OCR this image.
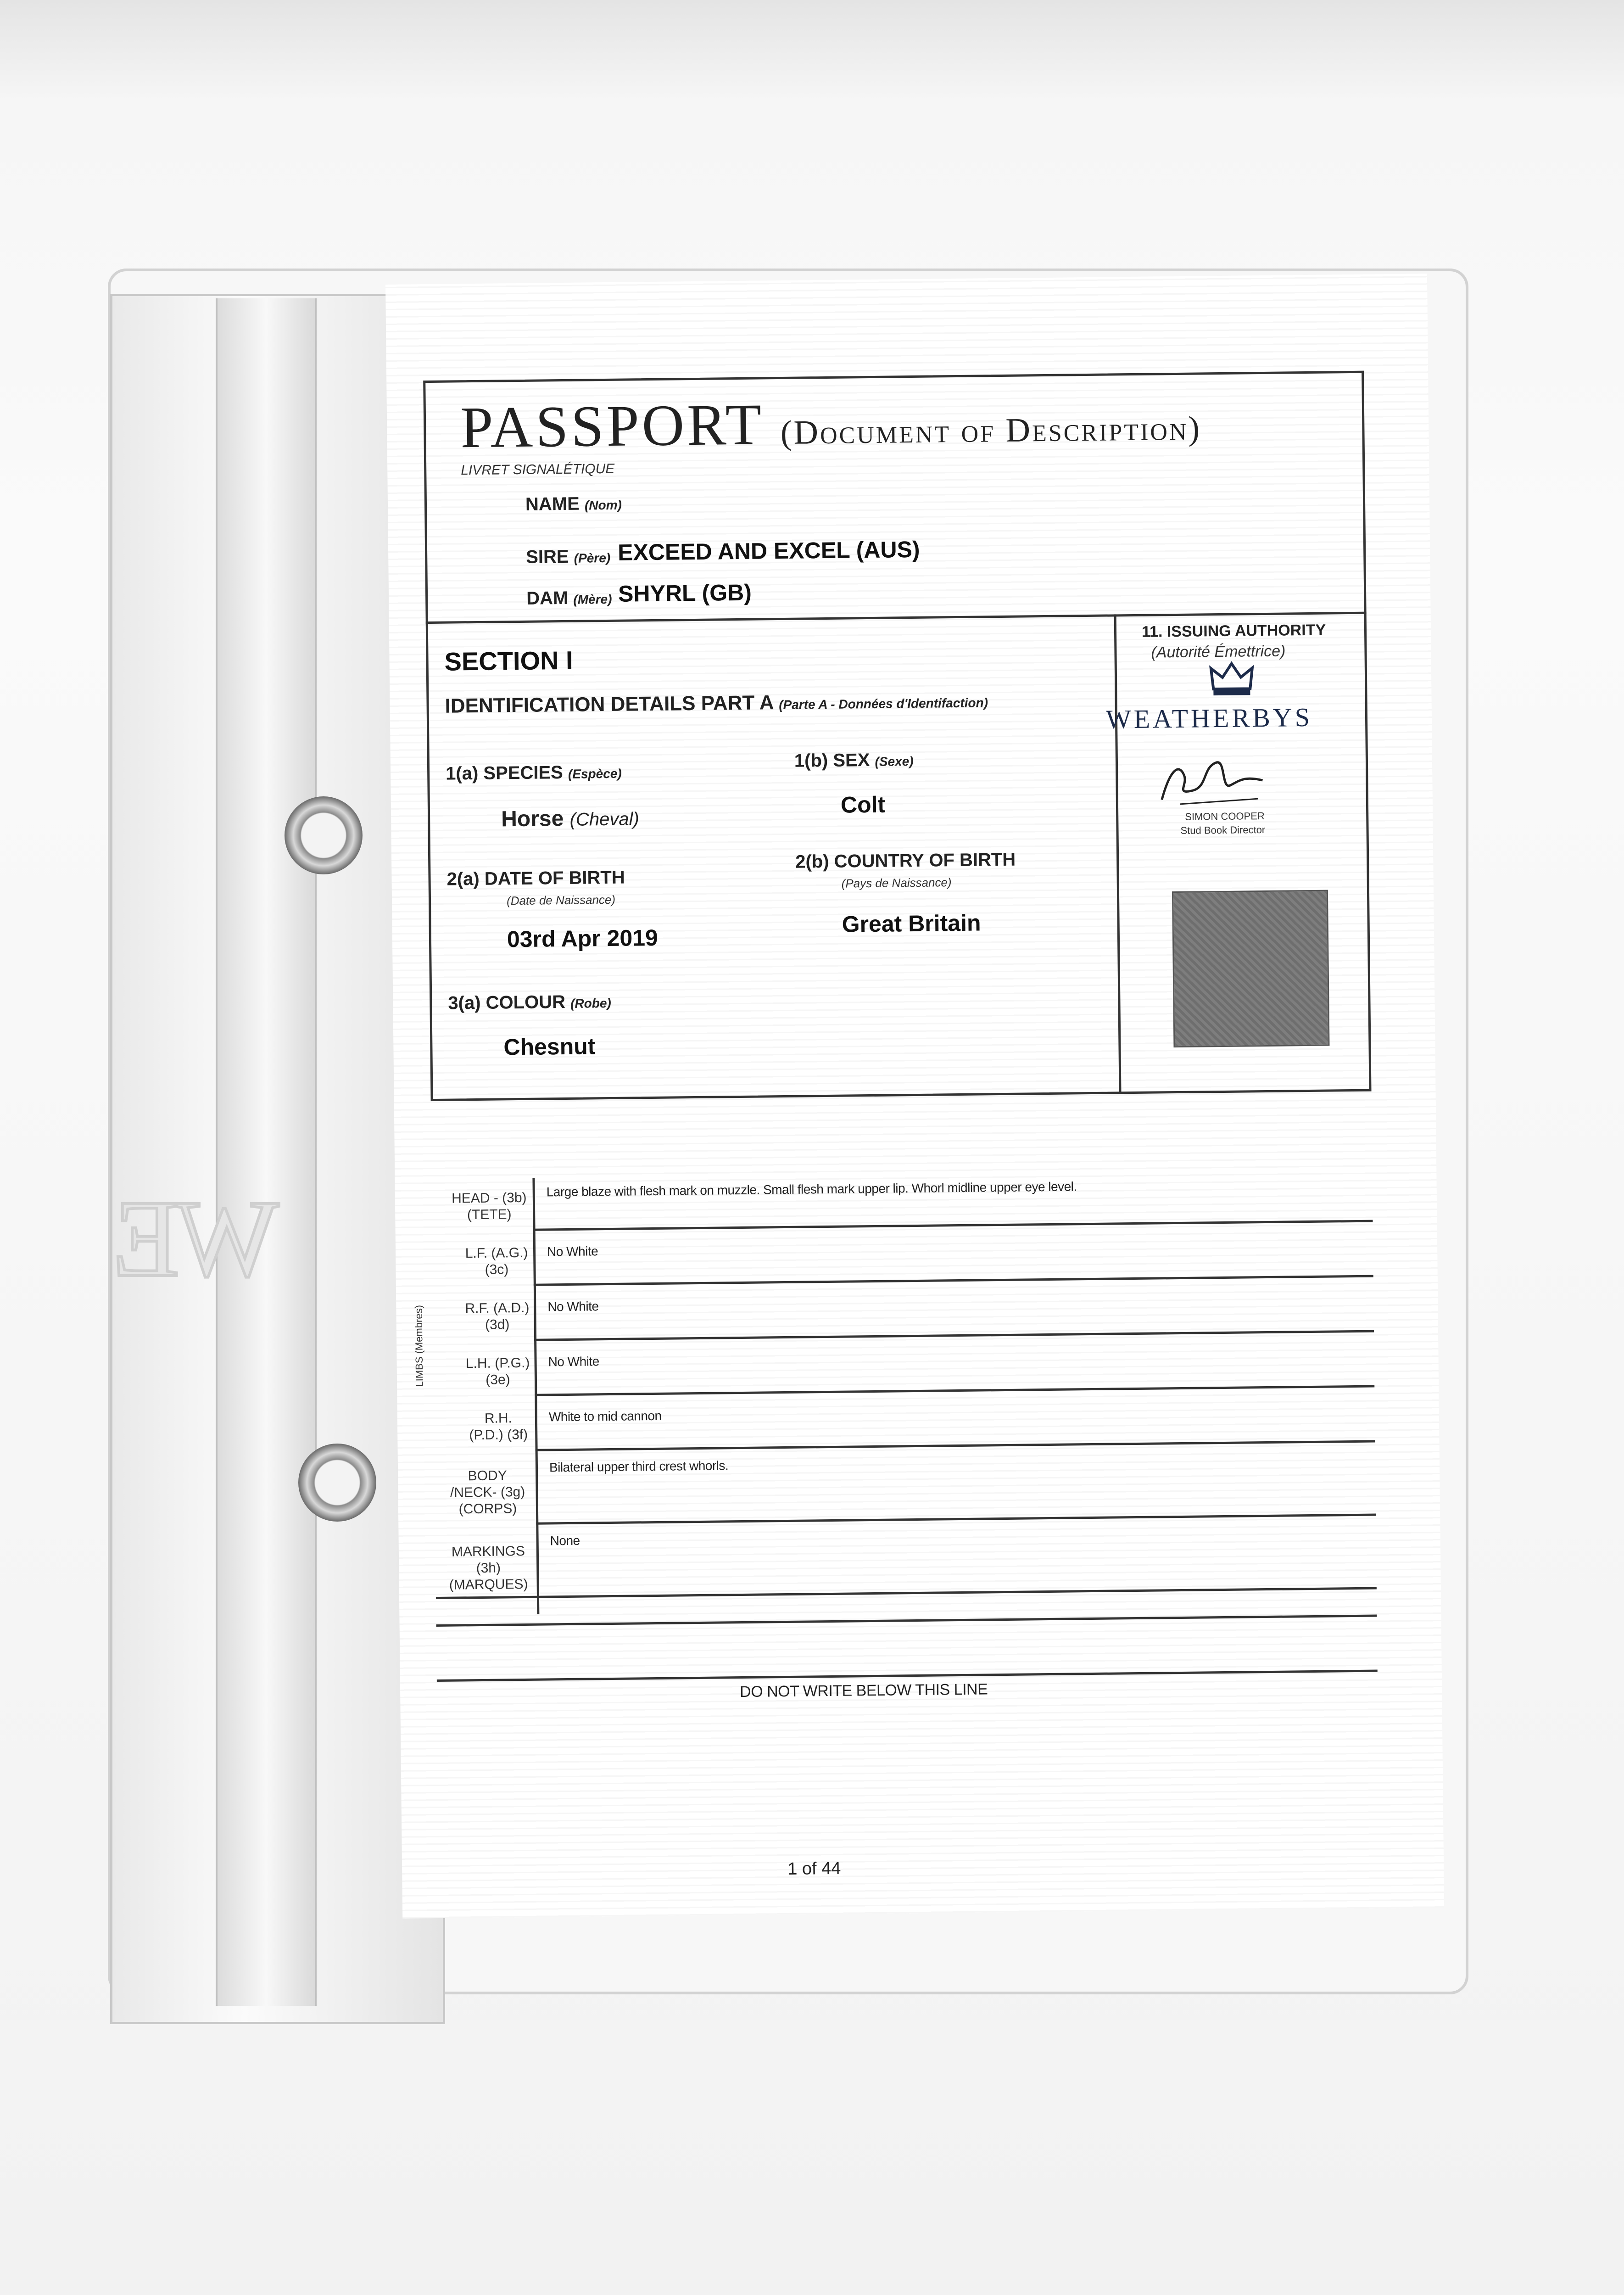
WE
PASSPORT (Document of Description)
LIVRET SIGNALÉTIQUE
NAME (Nom)
SIRE (Père) EXCEED AND EXCEL (AUS)
DAM (Mère) SHYRL (GB)
SECTION I
IDENTIFICATION DETAILS PART A (Parte A - Données d'Identifaction)
1(a) SPECIES (Espèce)
Horse (Cheval)
1(b) SEX (Sexe)
Colt
2(a) DATE OF BIRTH
(Date de Naissance)
03rd Apr 2019
2(b) COUNTRY OF BIRTH
(Pays de Naissance)
Great Britain
3(a) COLOUR (Robe)
Chesnut
11. ISSUING AUTHORITY
(Autorité Émettrice)
WEATHERBYS
SIMON COOPER
Stud Book Director
LIMBS (Membres)
HEAD - (3b) (TETE)
Large blaze with flesh mark on muzzle. Small flesh mark upper lip. Whorl midline upper eye level.
L.F. (A.G.) (3c)
No White
R.F. (A.D.) (3d)
No White
L.H. (P.G.) (3e)
No White
R.H. (P.D.) (3f)
White to mid cannon
BODY /NECK- (3g) (CORPS)
Bilateral upper third crest whorls.
MARKINGS (3h) (MARQUES)
None
DO NOT WRITE BELOW THIS LINE
1 of 44
